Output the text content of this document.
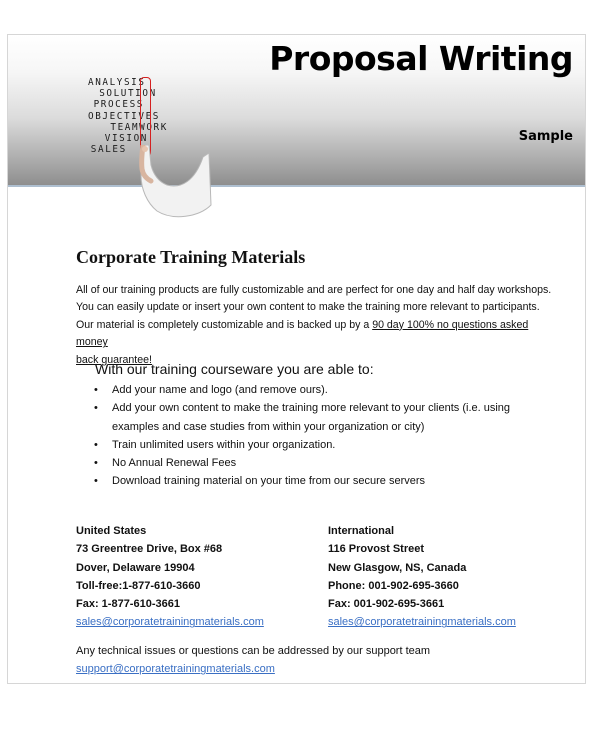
Proposal Writing
Sample
ANALYSIS
SOLUTION
PROCESS
OBJECTIVES
TEAMWORK
VISION
SALES
Corporate Training Materials
All of our training products are fully customizable and are perfect for one day and half day workshops.
You can easily update or insert your own content to make the training more relevant to participants.
Our material is completely customizable and is backed up by a 90 day 100% no questions asked money
back guarantee!
With our training courseware you are able to:
• Add your name and logo (and remove ours).
• Add your own content to make the training more relevant to your clients (i.e. using examples and case studies from within your organization or city)
• Train unlimited users within your organization.
• No Annual Renewal Fees
• Download training material on your time from our secure servers
United States
73 Greentree Drive, Box #68
Dover, Delaware 19904
Toll-free:1-877-610-3660
Fax: 1-877-610-3661
sales@corporatetrainingmaterials.com
International
116 Provost Street
New Glasgow, NS, Canada
Phone: 001-902-695-3660
Fax: 001-902-695-3661
sales@corporatetrainingmaterials.com
Any technical issues or questions can be addressed by our support team
support@corporatetrainingmaterials.com
